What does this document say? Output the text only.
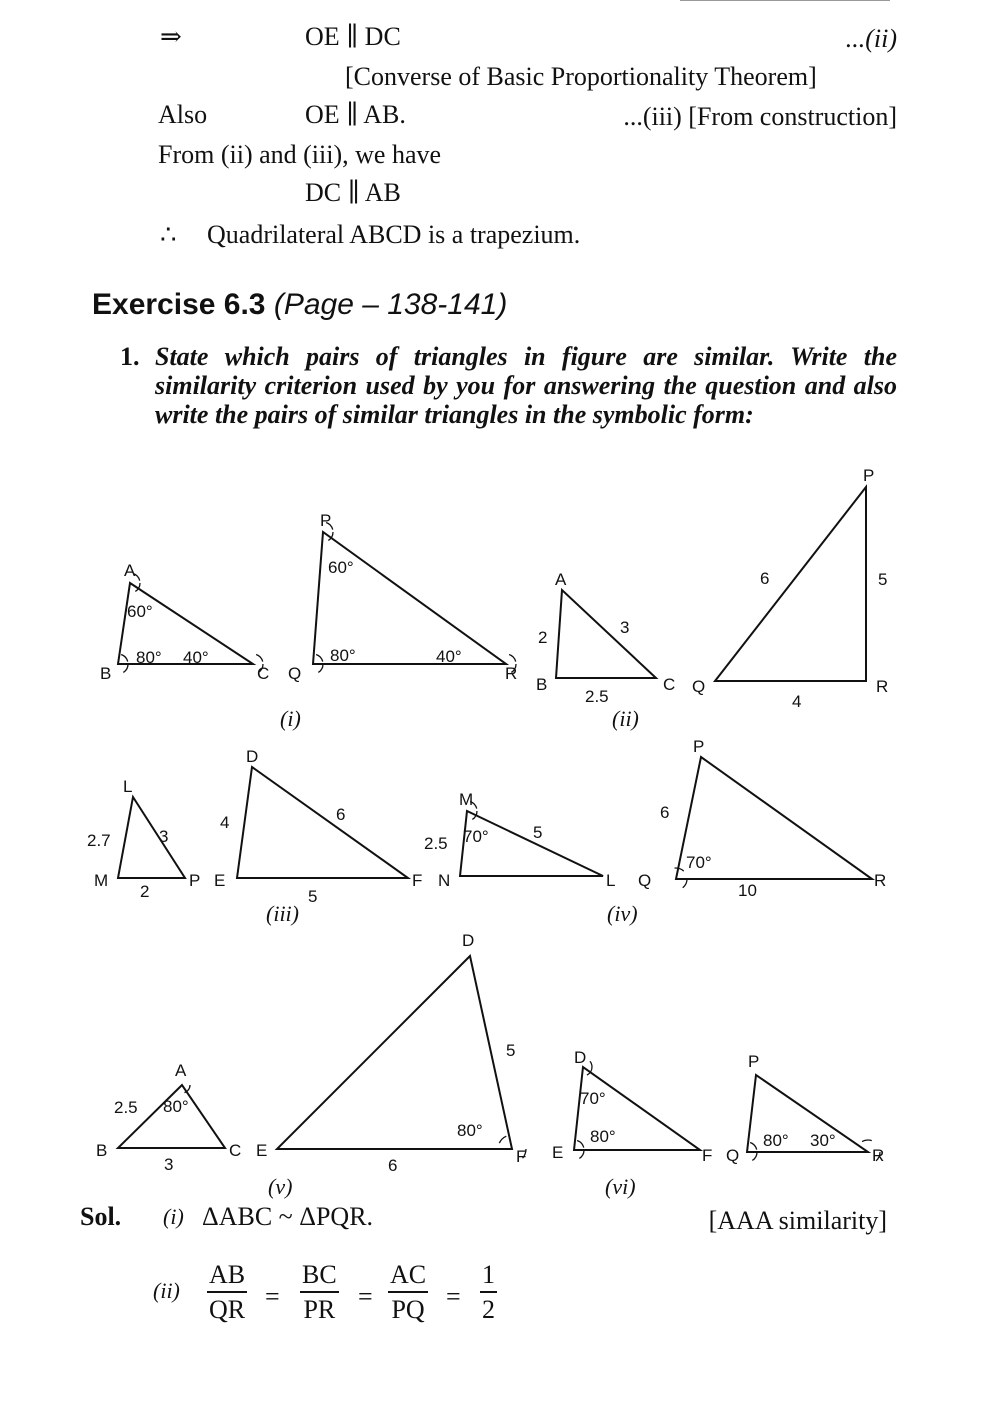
⇒	OE ∥ DC	...(ii)
[Converse of Basic Proportionality Theorem]
Also	OE ∥ AB.	...(iii) [From construction]
From (ii) and (iii), we have
DC ∥ AB
∴ Quadrilateral ABCD is a trapezium.
Exercise 6.3 (Page – 138-141)
1. State which pairs of triangles in figure are similar. Write the similarity criterion used by you for answering the question and also write the pairs of similar triangles in the symbolic form:
A
B	C
60°
80° 40°
P
Q	R
60°
80°	40°
(i)
A
B	C
2
3
2.5
P
Q	R
6	5
4
(ii)
L
M	P
2.7	3
2
D
E	F
4	6
5
(iii)
M
N	L
2.5
5
70°
P
Q	R
6
70°
10
(iv)
A
B	C
2.5 80°
3
D
E	F
5
80°
6
(v)
D
E	F
70°
80°
P
Q	R
80° 30°
(vi)
Sol. (i) ΔABC ~ ΔPQR.	[AAA similarity]
$(ii) \frac{AB}{QR} = \frac{BC}{PR} = \frac{AC}{PQ} = \frac{1}{2}$
